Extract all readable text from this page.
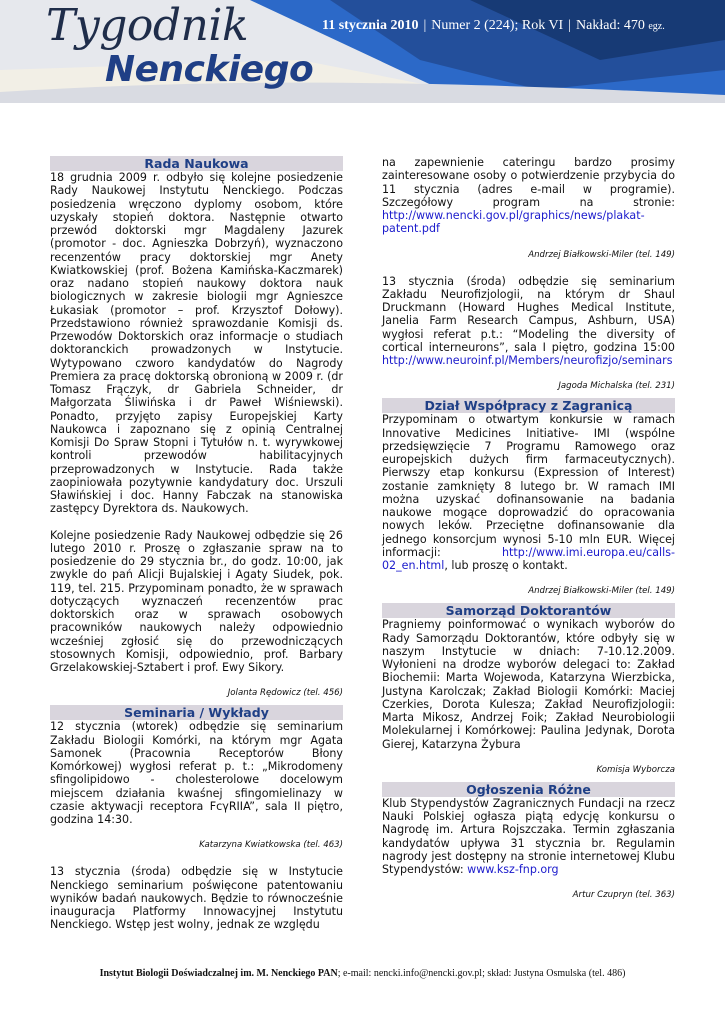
Tygodnik
Nenckiego
11 stycznia 2010 | Numer 2 (224); Rok VI | Nakład: 470 egz.
Rada Naukowa

18 grudnia 2009 r. odbyło się kolejne posiedzenie Rady Naukowej Instytutu Nenckiego. Podczas posiedzenia wręczono dyplomy osobom, które uzyskały stopień doktora. Następnie otwarto przewód doktorski mgr Magdaleny Jazurek (promotor - doc. Agnieszka Dobrzyń), wyznaczono recenzentów pracy doktorskiej mgr Anety Kwiatkowskiej (prof. Bożena Kamińska-Kaczmarek) oraz nadano stopień naukowy doktora nauk biologicznych w zakresie biologii mgr Agnieszce Łukasiak (promotor – prof. Krzysztof Dołowy). Przedstawiono również sprawozdanie Komisji ds. Przewodów Doktorskich oraz informacje o studiach doktoranckich prowadzonych w Instytucie. Wytypowano czworo kandydatów do Nagrody Premiera za pracę doktorską obronioną w 2009 r. (dr Tomasz Frączyk, dr Gabriela Schneider, dr Małgorzata Śliwińska i dr Paweł Wiśniewski). Ponadto, przyjęto zapisy Europejskiej Karty Naukowca i zapoznano się z opinią Centralnej Komisji Do Spraw Stopni i Tytułów n. t. wyrywkowej kontroli przewodów habilitacyjnych przeprowadzonych w Instytucie. Rada także zaopiniowała pozytywnie kandydatury doc. Urszuli Sławińskiej i doc. Hanny Fabczak na stanowiska zastępcy Dyrektora ds. Naukowych.

Kolejne posiedzenie Rady Naukowej odbędzie się 26 lutego 2010 r. Proszę o zgłaszanie spraw na to posiedzenie do 29 stycznia br., do godz. 10:00, jak zwykle do pań Alicji Bujalskiej i Agaty Siudek, pok. 119, tel. 215. Przypominam ponadto, że w sprawach dotyczących wyznaczeń recenzentów prac doktorskich oraz w sprawach osobowych pracowników naukowych należy odpowiednio wcześniej zgłosić się do przewodniczących stosownych Komisji, odpowiednio, prof. Barbary Grzelakowskiej-Sztabert i prof. Ewy Sikory.

Jolanta Rędowicz (tel. 456)

Seminaria / Wykłady

12 stycznia (wtorek) odbędzie się seminarium Zakładu Biologii Komórki, na którym mgr Agata Samonek (Pracownia Receptorów Błony Komórkowej) wygłosi referat p. t.: „Mikrodomeny sfingolipidowo - cholesterolowe docelowym miejscem działania kwaśnej sfingomielinazy w czasie aktywacji receptora FcγRIIA”, sala II piętro, godzina 14:30.

Katarzyna Kwiatkowska (tel. 463)

13 stycznia (środa) odbędzie się w Instytucie Nenckiego seminarium poświęcone patentowaniu wyników badań naukowych. Będzie to równocześnie inauguracja Platformy Innowacyjnej Instytutu Nenckiego. Wstęp jest wolny, jednak ze względu

na zapewnienie cateringu bardzo prosimy zainteresowane osoby o potwierdzenie przybycia do 11 stycznia (adres e-mail w programie). Szczegółowy program na stronie: http://www.nencki.gov.pl/graphics/news/plakat-patent.pdf

Andrzej Białkowski-Miler (tel. 149)

13 stycznia (środa) odbędzie się seminarium Zakładu Neurofizjologii, na którym dr Shaul Druckmann (Howard Hughes Medical Institute, Janelia Farm Research Campus, Ashburn, USA) wygłosi referat p.t.: “Modeling the diversity of cortical interneurons”, sala I piętro, godzina 15:00 http://www.neuroinf.pl/Members/neurofizjo/seminars

Jagoda Michalska (tel. 231)

Dział Współpracy z Zagranicą

Przypominam o otwartym konkursie w ramach Innovative Medicines Initiative- IMI (wspólne przedsięwzięcie 7 Programu Ramowego oraz europejskich dużych firm farmaceutycznych). Pierwszy etap konkursu (Expression of Interest) zostanie zamknięty 8 lutego br. W ramach IMI można uzyskać dofinansowanie na badania naukowe mogące doprowadzić do opracowania nowych leków. Przeciętne dofinansowanie dla jednego konsorcjum wynosi 5-10 mln EUR. Więcej informacji:	http://www.imi.europa.eu/calls-02_en.html, lub proszę o kontakt.

Andrzej Białkowski-Miler (tel. 149)

Samorząd Doktorantów

Pragniemy poinformować o wynikach wyborów do Rady Samorządu Doktorantów, które odbyły się w naszym Instytucie w dniach: 7-10.12.2009. Wyłonieni na drodze wyborów delegaci to: Zakład Biochemii: Marta Wojewoda, Katarzyna Wierzbicka, Justyna Karolczak; Zakład Biologii Komórki: Maciej Czerkies, Dorota Kulesza; Zakład Neurofizjologii: Marta Mikosz, Andrzej Foik; Zakład Neurobiologii Molekularnej i Komórkowej: Paulina Jedynak, Dorota Gierej, Katarzyna Żybura

Komisja Wyborcza

Ogłoszenia Różne

Klub Stypendystów Zagranicznych Fundacji na rzecz Nauki Polskiej ogłasza piątą edycję konkursu o Nagrodę im. Artura Rojszczaka. Termin zgłaszania kandydatów upływa 31 stycznia br. Regulamin nagrody jest dostępny na stronie internetowej Klubu Stypendystów: www.ksz-fnp.org

Artur Czupryn (tel. 363)

Instytut Biologii Doświadczalnej im. M. Nenckiego PAN; e-mail: nencki.info@nencki.gov.pl; skład: Justyna Osmulska (tel. 486)
